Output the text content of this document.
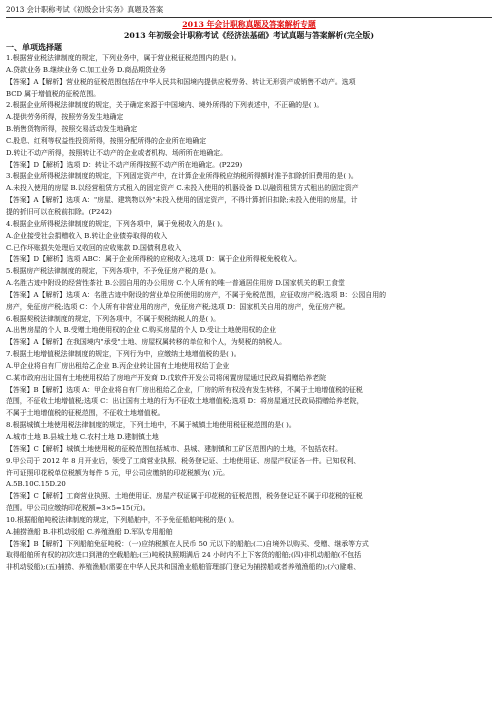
2013 会计职称考试《初级会计实务》真题及答案
2013 年会计职称真题及答案解析专题
2013 年初级会计职称考试《经济法基础》考试真题与答案解析(完全版)
一、单项选择题
1.根据营业税法律制度的规定，下列业务中，属于营业税征税范围内的是( )。
A.贷款业务 B.继续业务 C.加工业务 D.商品期货业务
【答案】A【解析】营业税的征税范围包括在中华人民共和国境内提供应税劳务、转让无形资产或销售不动产。选项
BCD 属于增值税的征税范围。
2.根据企业所得税法律制度的规定，关于确定来源于中国境内、境外所得的下列表述中，不正确的是( )。
A.提供劳务所得，按照劳务发生地确定
B.销售货物所得，按照交易活动发生地确定
C.股息、红利等权益性投资所得，按照分配所得的企业所在地确定
D.转让不动产所得，按照转让不动产的企业或者机构、场所所在地确定。
【答案】D【解析】选项 D：转让不动产所得按照不动产所在地确定。(P229)
3.根据企业所得税法律制度的规定，下列固定资产中，在计算企业所得税应纳税所得额时准予扣除折旧费用的是( )。
A.未投入使用的房屋 B.以经营租赁方式租入的固定资产 C.未投入使用的机器设备 D.以融资租赁方式租出的固定资产
【答案】A【解析】选项 A："房屋、建筑物以外"未投入使用的固定资产，不得计算折旧扣除;未投入使用的房屋，计
提的折旧可以在税前扣除。(P242)
4.根据企业所得税法律制度的规定，下列各项中，属于免税收入的是( )。
A.企业接受社会捐赠收入 B.转让企业债券取得的收入
C.已作坏账损失处理后又收回的应收账款 D.国债利息收入
【答案】D【解析】选项 ABC：属于企业所得税的应税收入;选项 D：属于企业所得税免税收入。
5.根据房产税法律制度的规定，下列各项中，不予免征房产税的是( )。
A.名胜古迹中附设的经营性茶社 B.公园自用的办公用房 C.个人所有的唯一普通居住用房 D.国家机关的职工食堂
【答案】A【解析】选项 A：名胜古迹中附设的营业单位所使用的房产，不属于免税范围，应征收房产税;选项 B：公园自用的
房产，免征房产税;选项 C：个人所有非营业用的房产，免征房产税;选项 D：国家机关自用的房产，免征房产税。
6.根据契税法律制度的规定，下列各项中，不属于契税纳税人的是( )。
A.出售房屋的个人 B.受赠土地使用权的企业 C.购买房屋的个人 D.受让土地使用权的企业
【答案】A【解析】在我国境内"承受"土地、房屋权属转移的单位和个人，为契税的纳税人。
7.根据土地增值税法律制度的规定，下列行为中，应缴纳土地增值税的是( )。
A.甲企业将自有厂房出租给乙企业 B.丙企业转让国有土地使用权给丁企业
C.某市政府出让国有土地使用权给了房地产开发商 D.戊软件开发公司将闲置房屋通过民政局捐赠给养老院
【答案】B【解析】选项 A：甲企业将自有厂房出租给乙企业，厂房的所有权没有发生转移，不属于土地增值税的征税
范围，不征收土地增值税;选项 C：出让国有土地的行为不征收土地增值税;选项 D：将房屋通过民政局捐赠给养老院，
不属于土地增值税的征税范围，不征收土地增值税。
8.根据城镇土地使用税法律制度的规定，下列土地中，不属于城镇土地使用税征税范围的是( )。
A.城市土地 B.县城土地 C.农村土地 D.建制镇土地
【答案】C【解析】城镇土地使用税的征税范围包括城市、县城、建制镇和工矿区范围内的土地，不包括农村。
9.甲公司于 2012 年 8 月开业后，领受了工商营业执照、税务登记证、土地使用证、房屋产权证各一件。已知权利、
许可证照印花税单位税额为每件 5 元，甲公司应缴纳的印花税额为( )元。
A.5B.10C.15D.20
【答案】C【解析】工商营业执照、土地使用证、房屋产权证属于印花税的征税范围，税务登记证不属于印花税的征税
范围。甲公司应缴纳印花税额=3×5=15(元)。
10.根据船舶吨税法律制度的规定，下列船舶中，不予免征船舶吨税的是( )。
A.捕捞渔船 B.非机动驳船 C.养殖渔船 D.军队专用船舶
【答案】B【解析】下列船舶免征吨税：（一)应纳税额在人民币 50 元以下的船舶;(二)自境外以购买、受赠、继承等方式
取得船舶所有权的初次进口到港的空载船舶;(三)吨税执照期满后 24 小时内不上下客货的船舶;(四)非机动船舶(不包括
非机动驳船);(五)捕捞、养殖渔船(需要在中华人民共和国渔业船舶管理部门登记为捕捞船或者养殖渔船的);(六)避难、
